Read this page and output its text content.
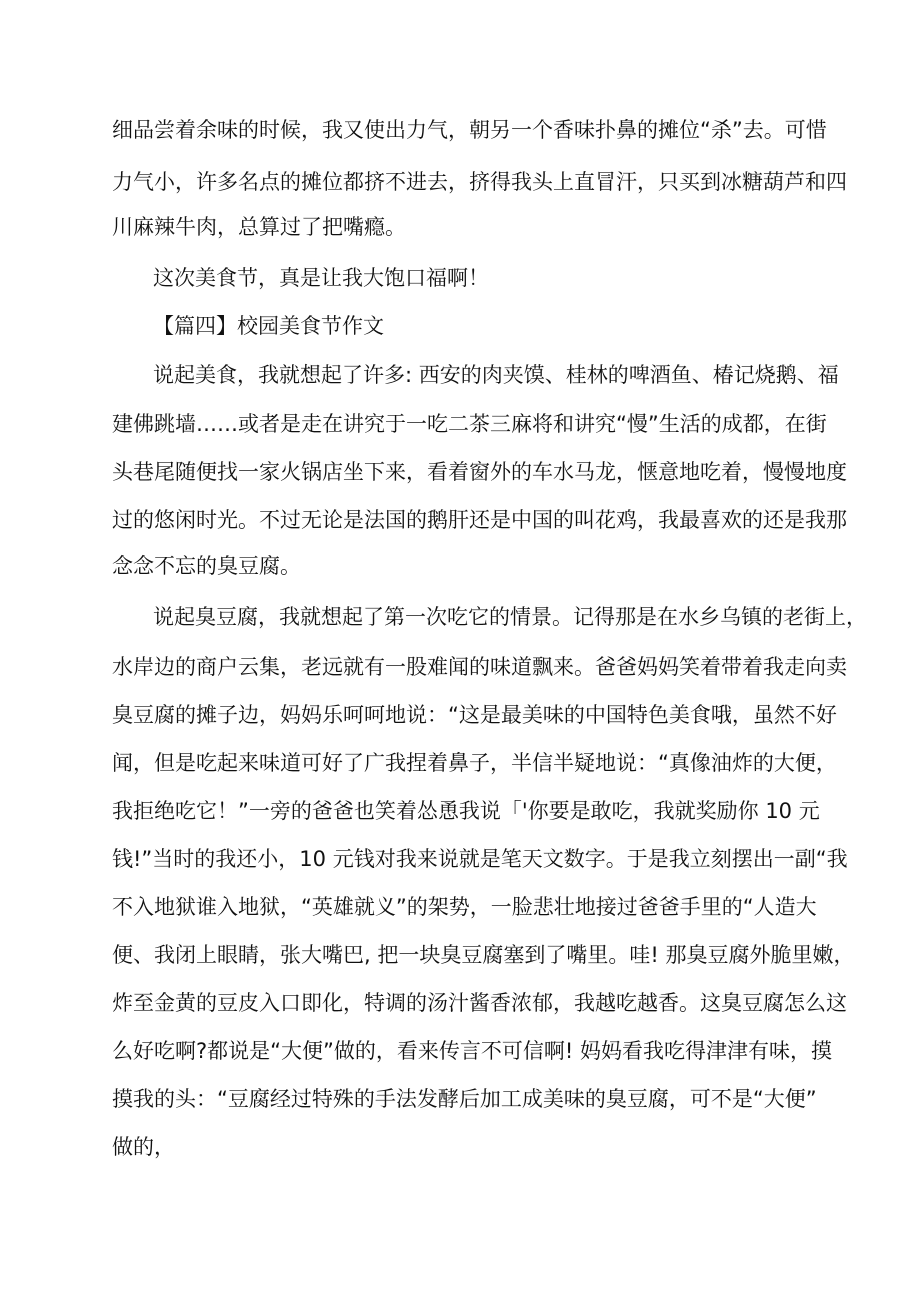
细品尝着余味的时候，我又使出力气，朝另一个香味扑鼻的摊位“杀”去。可惜
力气小，许多名点的摊位都挤不进去，挤得我头上直冒汗，只买到冰糖葫芦和四
川麻辣牛肉，总算过了把嘴瘾。
这次美食节，真是让我大饱口福啊！
【篇四】校园美食节作文
说起美食，我就想起了许多: 西安的肉夹馍、桂林的啤酒鱼、椿记烧鹅、福
建佛跳墙……或者是走在讲究于一吃二茶三麻将和讲究“慢”生活的成都，在街
头巷尾随便找一家火锅店坐下来，看着窗外的车水马龙，惬意地吃着，慢慢地度
过的悠闲时光。不过无论是法国的鹅肝还是中国的叫花鸡，我最喜欢的还是我那
念念不忘的臭豆腐。
说起臭豆腐，我就想起了第一次吃它的情景。记得那是在水乡乌镇的老街上，
水岸边的商户云集，老远就有一股难闻的味道飘来。爸爸妈妈笑着带着我走向卖
臭豆腐的摊子边，妈妈乐呵呵地说：“这是最美味的中国特色美食哦，虽然不好
闻，但是吃起来味道可好了广我捏着鼻子，半信半疑地说：“真像油炸的大便，
我拒绝吃它！”一旁的爸爸也笑着怂恿我说「'你要是敢吃，我就奖励你 10 元
钱!”当时的我还小，10 元钱对我来说就是笔天文数字。于是我立刻摆出一副“我
不入地狱谁入地狱，“英雄就义”的架势，一脸悲壮地接过爸爸手里的“人造大
便、我闭上眼睛，张大嘴巴, 把一块臭豆腐塞到了嘴里。哇! 那臭豆腐外脆里嫩，
炸至金黄的豆皮入口即化，特调的汤汁酱香浓郁，我越吃越香。这臭豆腐怎么这
么好吃啊?都说是“大便”做的，看来传言不可信啊! 妈妈看我吃得津津有味，摸
摸我的头：“豆腐经过特殊的手法发酵后加工成美味的臭豆腐，可不是“大便”
做的，
